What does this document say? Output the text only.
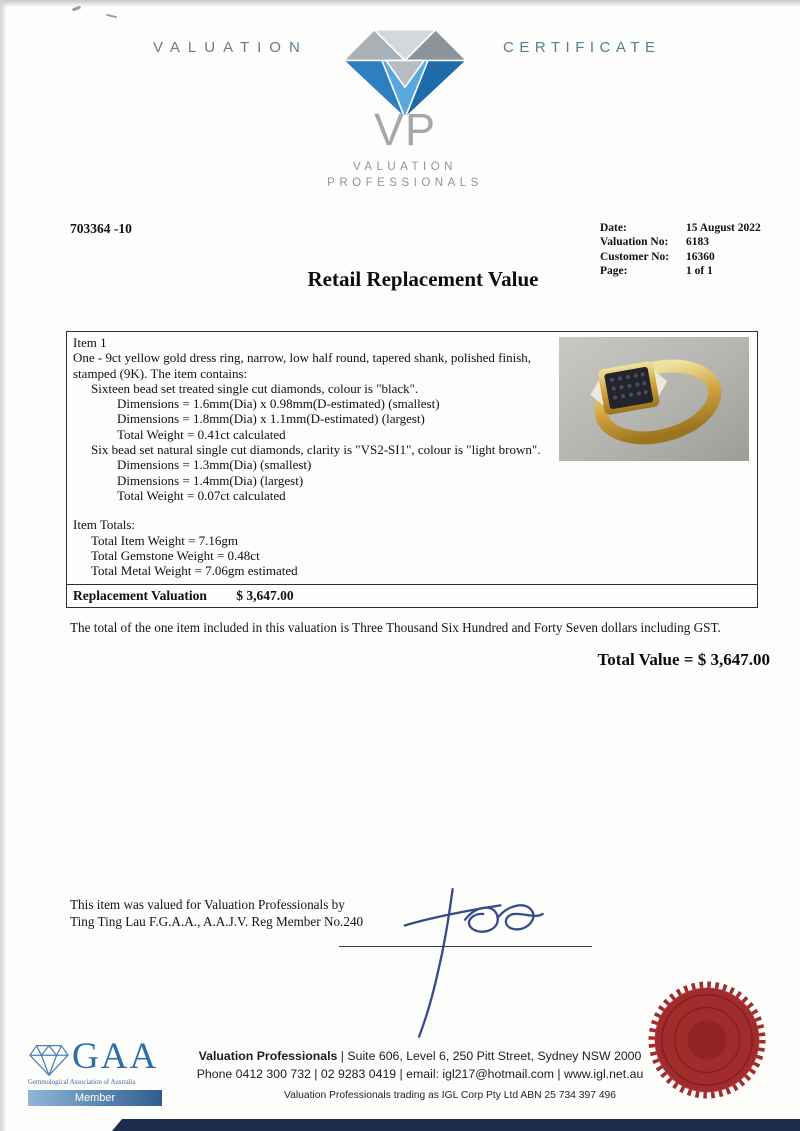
VALUATION	CERTIFICATE
VP
VALUATION
PROFESSIONALS
703364 -10	Date:	15 August 2022
Valuation No:	6183
Customer No:	16360
Page:	1 of 1
Retail Replacement Value
Item 1
One - 9ct yellow gold dress ring, narrow, low half round, tapered shank, polished finish, stamped (9K). The item contains:
Sixteen bead set treated single cut diamonds, colour is "black".
Dimensions = 1.6mm(Dia) x 0.98mm(D-estimated) (smallest)
Dimensions = 1.8mm(Dia) x 1.1mm(D-estimated) (largest)
Total Weight = 0.41ct calculated
Six bead set natural single cut diamonds, clarity is "VS2-SI1", colour is "light brown".
Dimensions = 1.3mm(Dia) (smallest)
Dimensions = 1.4mm(Dia) (largest)
Total Weight = 0.07ct calculated
Item Totals:
Total Item Weight = 7.16gm
Total Gemstone Weight = 0.48ct
Total Metal Weight = 7.06gm estimated
Replacement Valuation $ 3,647.00
The total of the one item included in this valuation is Three Thousand Six Hundred and Forty Seven dollars including GST.
Total Value = $ 3,647.00
This item was valued for Valuation Professionals by
Ting Ting Lau F.G.A.A., A.A.J.V. Reg Member No.240
GAA
Gemmological Association of Australia
Member
Valuation Professionals | Suite 606, Level 6, 250 Pitt Street, Sydney NSW 2000
Phone 0412 300 732 | 02 9283 0419 | email: igl217@hotmail.com | www.igl.net.au
Valuation Professionals trading as IGL Corp Pty Ltd ABN 25 734 397 496
